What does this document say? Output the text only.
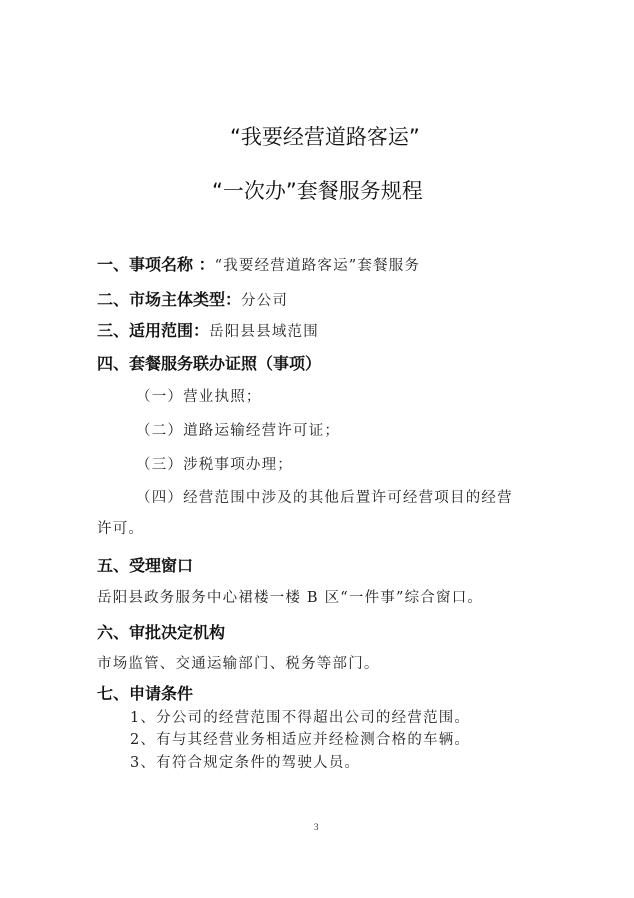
“我要经营道路客运”
“一次办”套餐服务规程
一、事项名称 ：“我要经营道路客运”套餐服务
二、市场主体类型：分公司
三、适用范围：岳阳县县域范围
四、套餐服务联办证照（事项）
（一）营业执照；
（二）道路运输经营许可证；
（三）涉税事项办理；
（四）经营范围中涉及的其他后置许可经营项目的经营
许可。
五、受理窗口
岳阳县政务服务中心裙楼一楼 B 区“一件事”综合窗口。
六、审批决定机构
市场监管、交通运输部门、税务等部门。
七、申请条件
1、分公司的经营范围不得超出公司的经营范围。
2、有与其经营业务相适应并经检测合格的车辆。
3、有符合规定条件的驾驶人员。
3
